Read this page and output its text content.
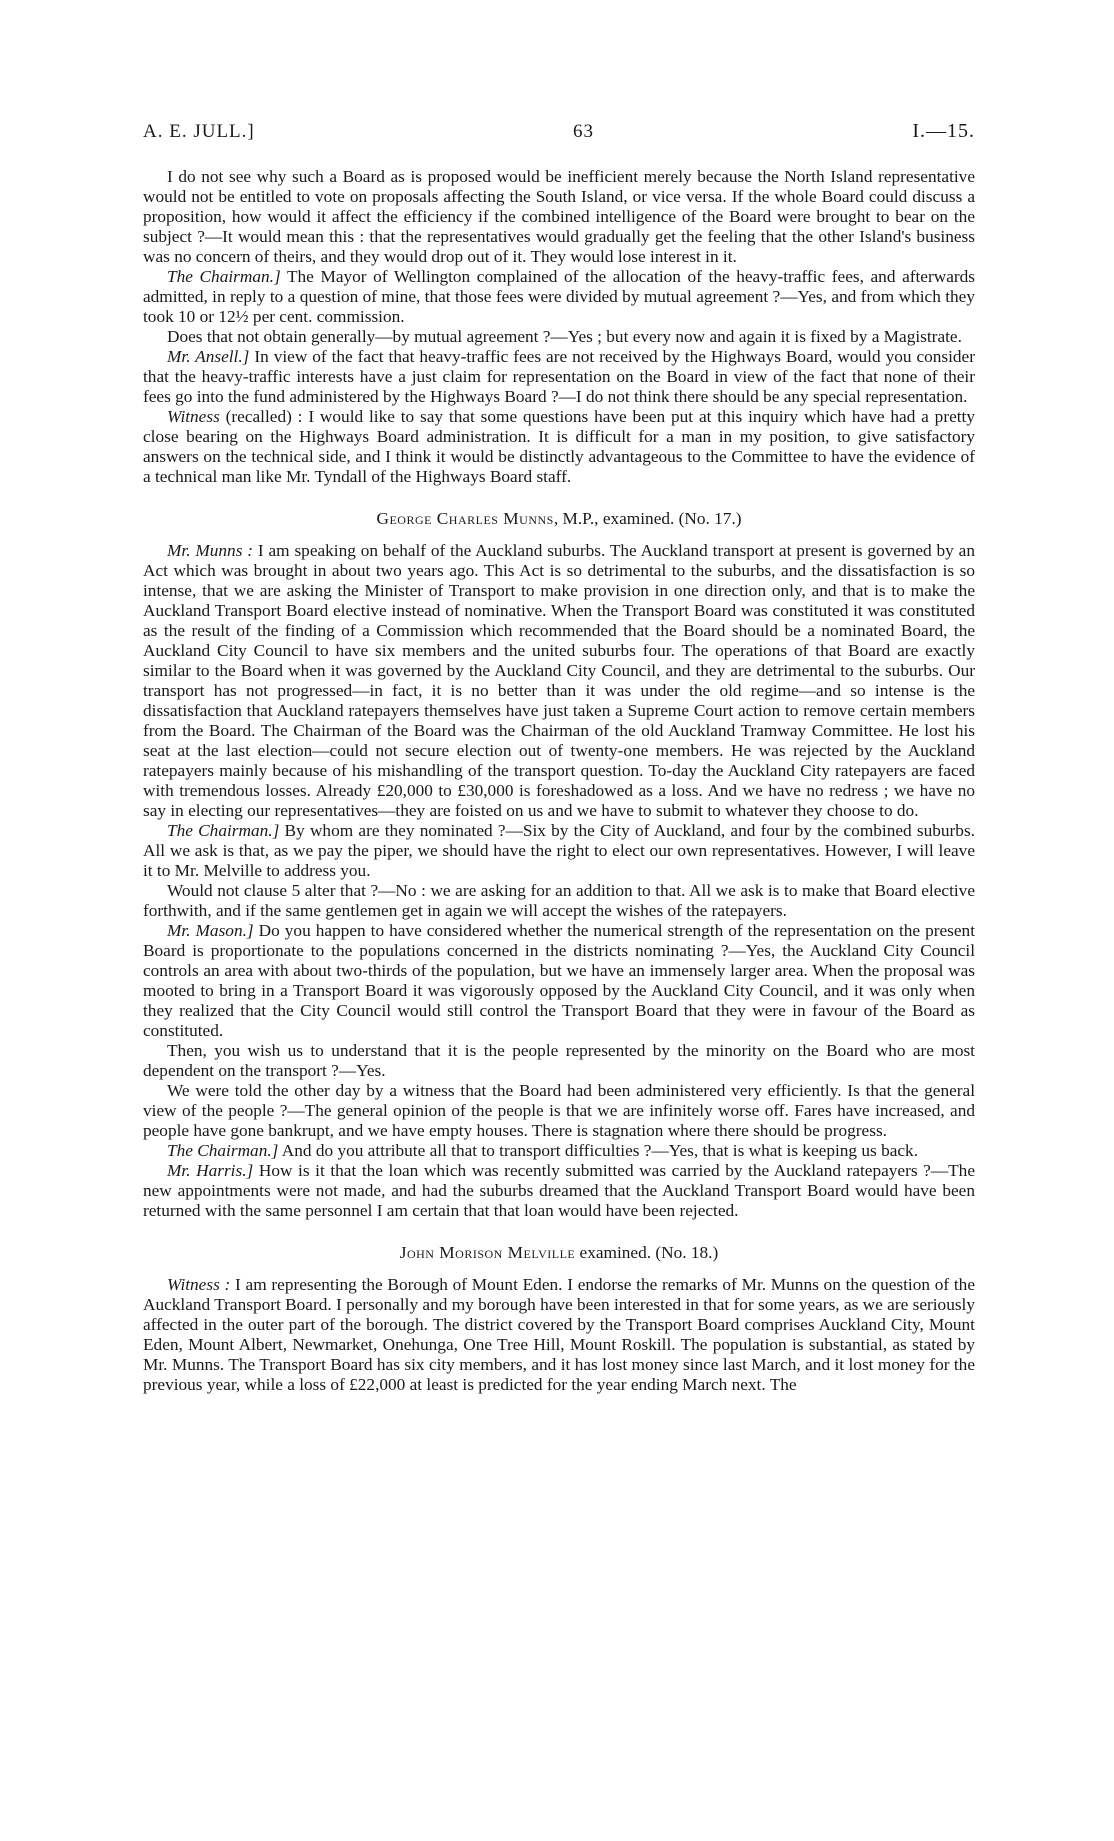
A. E. JULL.]	63	I.—15.

I do not see why such a Board as is proposed would be inefficient merely because the North Island representative would not be entitled to vote on proposals affecting the South Island, or vice versa. If the whole Board could discuss a proposition, how would it affect the efficiency if the combined intelligence of the Board were brought to bear on the subject ?—It would mean this : that the representatives would gradually get the feeling that the other Island's business was no concern of theirs, and they would drop out of it. They would lose interest in it.

The Chairman.] The Mayor of Wellington complained of the allocation of the heavy-traffic fees, and afterwards admitted, in reply to a question of mine, that those fees were divided by mutual agreement ?—Yes, and from which they took 10 or 12½ per cent. commission.

Does that not obtain generally—by mutual agreement ?—Yes ; but every now and again it is fixed by a Magistrate.

Mr. Ansell.] In view of the fact that heavy-traffic fees are not received by the Highways Board, would you consider that the heavy-traffic interests have a just claim for representation on the Board in view of the fact that none of their fees go into the fund administered by the Highways Board ?—I do not think there should be any special representation.

Witness (recalled) : I would like to say that some questions have been put at this inquiry which have had a pretty close bearing on the Highways Board administration. It is difficult for a man in my position, to give satisfactory answers on the technical side, and I think it would be distinctly advantageous to the Committee to have the evidence of a technical man like Mr. Tyndall of the Highways Board staff.

George Charles Munns, M.P., examined. (No. 17.)

Mr. Munns : I am speaking on behalf of the Auckland suburbs. The Auckland transport at present is governed by an Act which was brought in about two years ago. This Act is so detrimental to the suburbs, and the dissatisfaction is so intense, that we are asking the Minister of Transport to make provision in one direction only, and that is to make the Auckland Transport Board elective instead of nominative. When the Transport Board was constituted it was constituted as the result of the finding of a Commission which recommended that the Board should be a nominated Board, the Auckland City Council to have six members and the united suburbs four. The operations of that Board are exactly similar to the Board when it was governed by the Auckland City Council, and they are detrimental to the suburbs. Our transport has not progressed—in fact, it is no better than it was under the old regime—and so intense is the dissatisfaction that Auckland ratepayers themselves have just taken a Supreme Court action to remove certain members from the Board. The Chairman of the Board was the Chairman of the old Auckland Tramway Committee. He lost his seat at the last election—could not secure election out of twenty-one members. He was rejected by the Auckland ratepayers mainly because of his mishandling of the transport question. To-day the Auckland City ratepayers are faced with tremendous losses. Already £20,000 to £30,000 is foreshadowed as a loss. And we have no redress ; we have no say in electing our representatives—they are foisted on us and we have to submit to whatever they choose to do.

The Chairman.] By whom are they nominated ?—Six by the City of Auckland, and four by the combined suburbs. All we ask is that, as we pay the piper, we should have the right to elect our own representatives. However, I will leave it to Mr. Melville to address you.

Would not clause 5 alter that ?—No : we are asking for an addition to that. All we ask is to make that Board elective forthwith, and if the same gentlemen get in again we will accept the wishes of the ratepayers.

Mr. Mason.] Do you happen to have considered whether the numerical strength of the representation on the present Board is proportionate to the populations concerned in the districts nominating ?—Yes, the Auckland City Council controls an area with about two-thirds of the population, but we have an immensely larger area. When the proposal was mooted to bring in a Transport Board it was vigorously opposed by the Auckland City Council, and it was only when they realized that the City Council would still control the Transport Board that they were in favour of the Board as constituted.

Then, you wish us to understand that it is the people represented by the minority on the Board who are most dependent on the transport ?—Yes.

We were told the other day by a witness that the Board had been administered very efficiently. Is that the general view of the people ?—The general opinion of the people is that we are infinitely worse off. Fares have increased, and people have gone bankrupt, and we have empty houses. There is stagnation where there should be progress.

The Chairman.] And do you attribute all that to transport difficulties ?—Yes, that is what is keeping us back.

Mr. Harris.] How is it that the loan which was recently submitted was carried by the Auckland ratepayers ?—The new appointments were not made, and had the suburbs dreamed that the Auckland Transport Board would have been returned with the same personnel I am certain that that loan would have been rejected.

John Morison Melville examined. (No. 18.)

Witness : I am representing the Borough of Mount Eden. I endorse the remarks of Mr. Munns on the question of the Auckland Transport Board. I personally and my borough have been interested in that for some years, as we are seriously affected in the outer part of the borough. The district covered by the Transport Board comprises Auckland City, Mount Eden, Mount Albert, Newmarket, Onehunga, One Tree Hill, Mount Roskill. The population is substantial, as stated by Mr. Munns. The Transport Board has six city members, and it has lost money since last March, and it lost money for the previous year, while a loss of £22,000 at least is predicted for the year ending March next. The
